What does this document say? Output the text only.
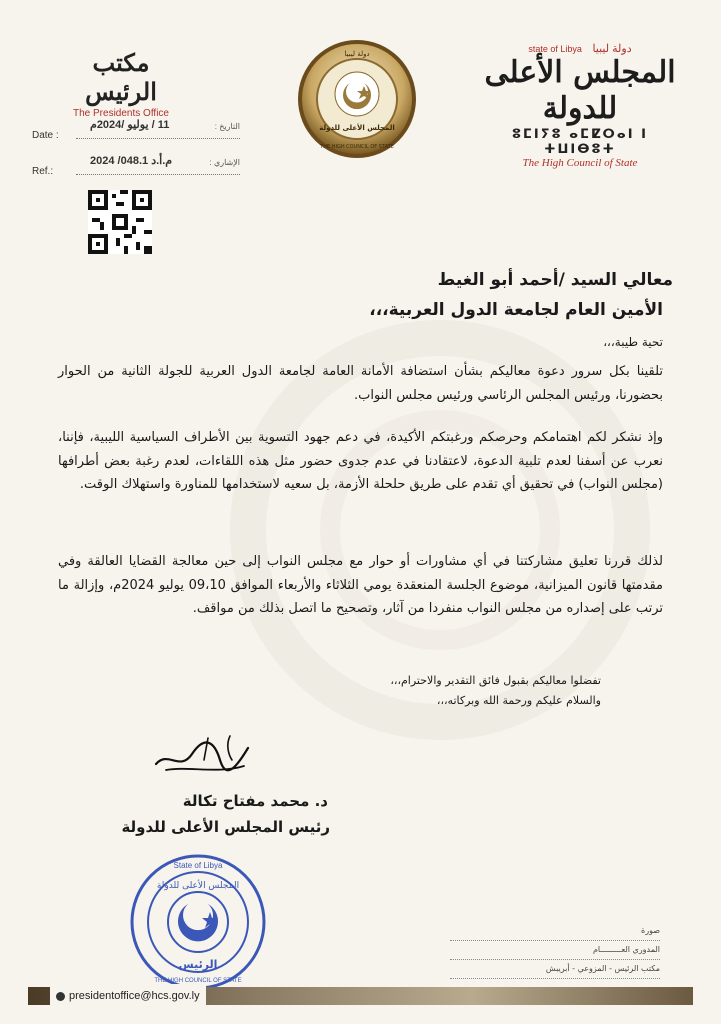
مكتب الرئيس
The Presidents Office
11 / يوليو /2024م	التاريخ :
Date :
م.أ.د 048.1/ 2024	الإشاري :
Ref.:
دولة ليبيا
المجلس الأعلى للدولة
THE HIGH COUNCIL OF STATE
state of Libya دولة ليبيا
المجلس الأعلى للدولة
ⵓⵎⵏⵢⵓ ⴰⵎⵇⵔⴰⵏ ⵏ ⵜⵡⵏⴱⵓⵜ
The High Council of State
معالي السيد /أحمد أبو الغيط
الأمين العام لجامعة الدول العربية،،،
تحية طيبة،،،
تلقينا بكل سرور دعوة معاليكم بشأن استضافة الأمانة العامة لجامعة الدول العربية للجولة الثانية من الحوار بحضورنا، ورئيس المجلس الرئاسي ورئيس مجلس النواب.
وإذ نشكر لكم اهتمامكم وحرصكم ورغبتكم الأكيدة، في دعم جهود التسوية بين الأطراف السياسية الليبية، فإننا، نعرب عن أسفنا لعدم تلبية الدعوة، لاعتقادنا في عدم جدوى حضور مثل هذه اللقاءات، لعدم رغبة بعض أطرافها (مجلس النواب) في تحقيق أي تقدم على طريق حلحلة الأزمة، بل سعيه لاستخدامها للمناورة واستهلاك الوقت.
لذلك قررنا تعليق مشاركتنا في أي مشاورات أو حوار مع مجلس النواب إلى حين معالجة القضايا العالقة وفي مقدمتها قانون الميزانية، موضوع الجلسة المنعقدة يومي الثلاثاء والأربعاء الموافق 09،10 يوليو 2024م، وإزالة ما ترتب على إصداره من مجلس النواب منفردا من آثار، وتصحيح ما اتصل بذلك من مواقف.
تفضلوا معاليكم بقبول فائق التقدير والاحترام،،،
والسلام عليكم ورحمة الله وبركاته،،،
د. محمد مفتاح تكالة
رئيس المجلس الأعلى للدولة
State of Libya
المجلس الأعلى للدولة
الرئيس
THE HIGH COUNCIL OF STATE
صورة
المدوري العـــــــــام
مكتب الرئيس - المزوعي - أبريبش
presidentoffice@hcs.gov.ly
